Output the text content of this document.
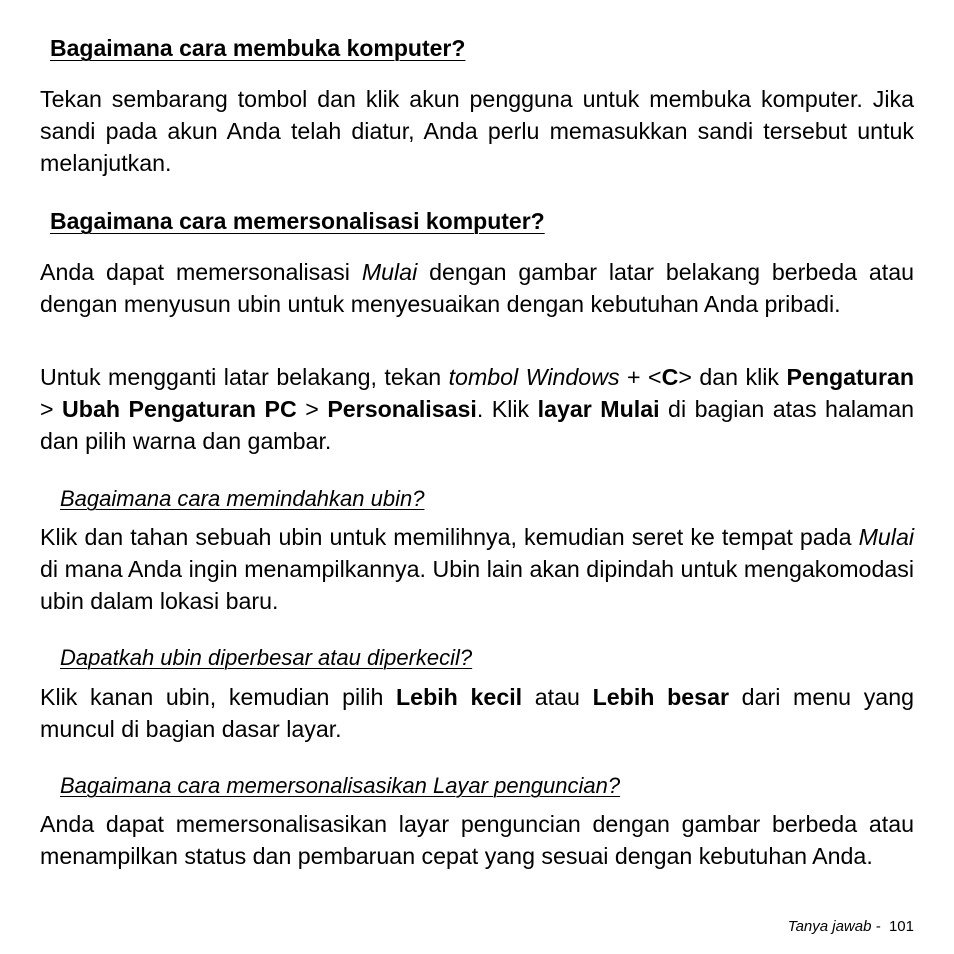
Bagaimana cara membuka komputer?

Tekan sembarang tombol dan klik akun pengguna untuk membuka komputer. Jika sandi pada akun Anda telah diatur, Anda perlu memasukkan sandi tersebut untuk melanjutkan.

Bagaimana cara memersonalisasi komputer?

Anda dapat memersonalisasi Mulai dengan gambar latar belakang berbeda atau dengan menyusun ubin untuk menyesuaikan dengan kebutuhan Anda pribadi.

Untuk mengganti latar belakang, tekan tombol Windows + <C> dan klik Pengaturan > Ubah Pengaturan PC > Personalisasi. Klik layar Mulai di bagian atas halaman dan pilih warna dan gambar.

Bagaimana cara memindahkan ubin?

Klik dan tahan sebuah ubin untuk memilihnya, kemudian seret ke tempat pada Mulai di mana Anda ingin menampilkannya. Ubin lain akan dipindah untuk mengakomodasi ubin dalam lokasi baru.

Dapatkah ubin diperbesar atau diperkecil?

Klik kanan ubin, kemudian pilih Lebih kecil atau Lebih besar dari menu yang muncul di bagian dasar layar.

Bagaimana cara memersonalisasikan Layar penguncian?

Anda dapat memersonalisasikan layar penguncian dengan gambar berbeda atau menampilkan status dan pembaruan cepat yang sesuai dengan kebutuhan Anda.

Tanya jawab - 101
